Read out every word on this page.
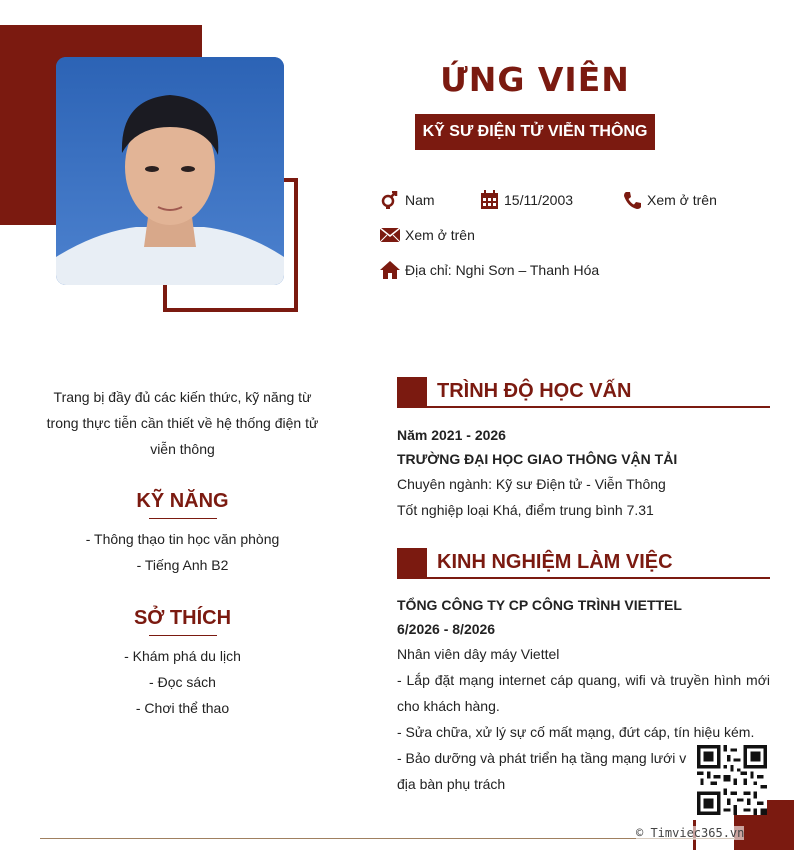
ỨNG VIÊN
KỸ SƯ ĐIỆN TỬ VIỄN THÔNG
Nam	15/11/2003	Xem ở trên
Xem ở trên
Địa chỉ: Nghi Sơn – Thanh Hóa
Trang bị đầy đủ các kiến thức, kỹ năng từ
trong thực tiễn cần thiết về hệ thống điện tử
viễn thông
KỸ NĂNG
- Thông thạo tin học văn phòng
- Tiếng Anh B2
SỞ THÍCH
- Khám phá du lịch
- Đọc sách
- Chơi thể thao
TRÌNH ĐỘ HỌC VẤN
Năm 2021 - 2026
TRƯỜNG ĐẠI HỌC GIAO THÔNG VẬN TẢI
Chuyên ngành: Kỹ sư Điện tử - Viễn Thông
Tốt nghiệp loại Khá, điểm trung bình 7.31
KINH NGHIỆM LÀM VIỆC
TỔNG CÔNG TY CP CÔNG TRÌNH VIETTEL
6/2026 - 8/2026
Nhân viên dây máy Viettel
- Lắp đặt mạng internet cáp quang, wifi và truyền hình mới
cho khách hàng.
- Sửa chữa, xử lý sự cố mất mạng, đứt cáp, tín hiệu kém.
- Bảo dưỡng và phát triển hạ tầng mạng lưới v
địa bàn phụ trách
© Timviec365.vn
